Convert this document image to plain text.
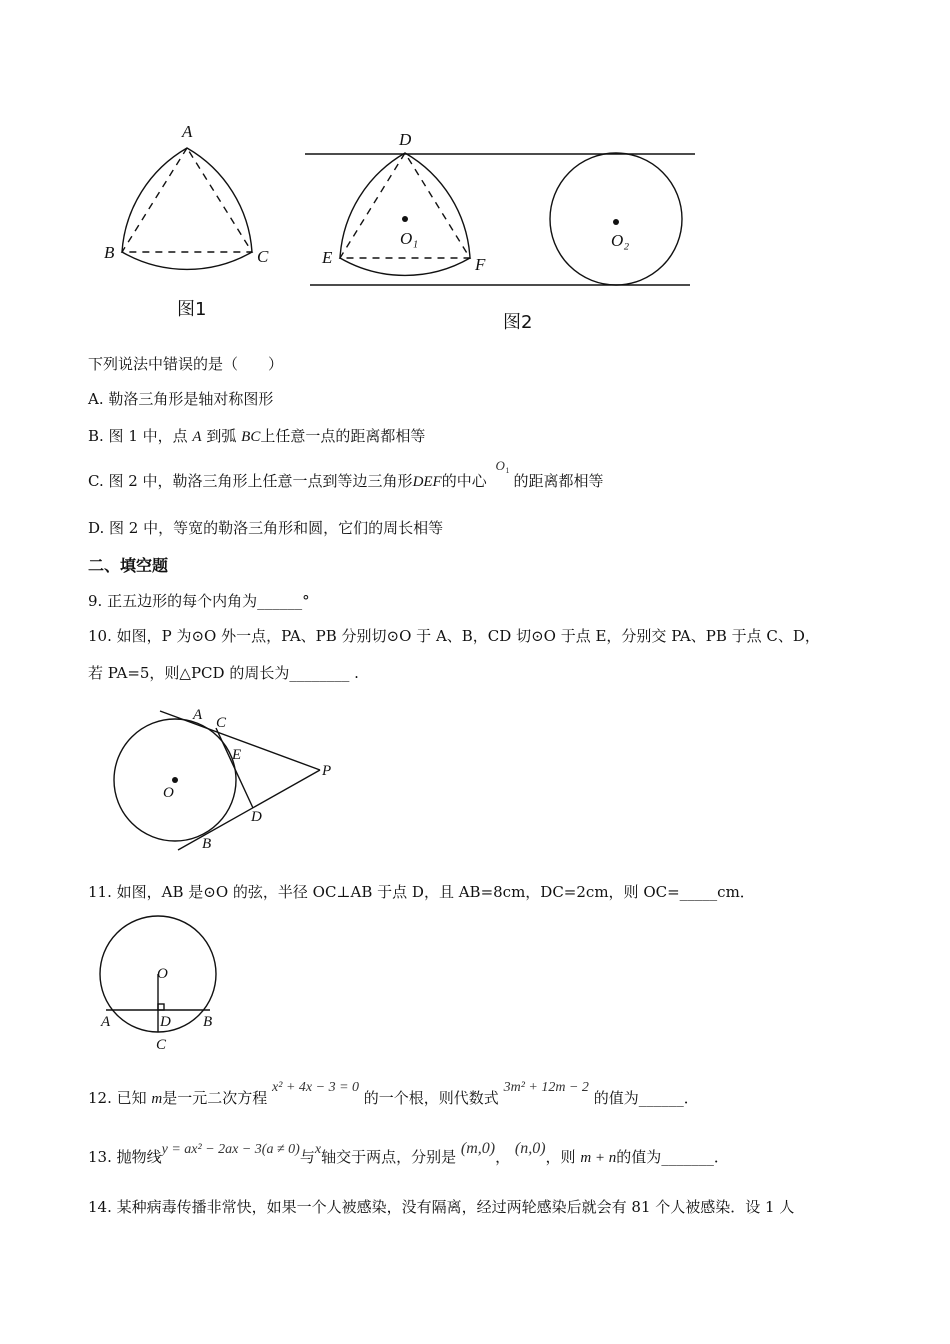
A
B	C
图1
D
E	F
O₁	O₂
图2
A C
E
P
O
D
B
O
A	D B
C
下列说法中错误的是（　　）
A. 勒洛三角形是轴对称图形
B. 图 1 中，点 A 到弧 BC上任意一点的距离都相等
C. 图 2 中，勒洛三角形上任意一点到等边三角形DEF的中心
O 1
的距离都相等
D. 图 2 中，等宽的勒洛三角形和圆，它们的周长相等
二、填空题
9. 正五边形的每个内角为______°
10. 如图，P 为⊙O 外一点，PA、PB 分别切⊙O 于 A、B，CD 切⊙O 于点 E，分别交 PA、PB 于点 C、D，
若 PA=5，则△PCD 的周长为________ .
11. 如图，AB 是⊙O 的弦，半径 OC⊥AB 于点 D，且 AB=8cm，DC=2cm，则 OC=_____cm．
12. 已知 m是一元二次方程 x² + 4x − 3 = 0 的一个根，则代数式 3m² + 12m − 2 的值为______．
13. 抛物线y = ax² − 2ax − 3(a ≠ 0)与x轴交于两点，分别是 (m,0)， (n,0)，则 m + n的值为_______．
14. 某种病毒传播非常快，如果一个人被感染，没有隔离，经过两轮感染后就会有 81 个人被感染．设 1 人
